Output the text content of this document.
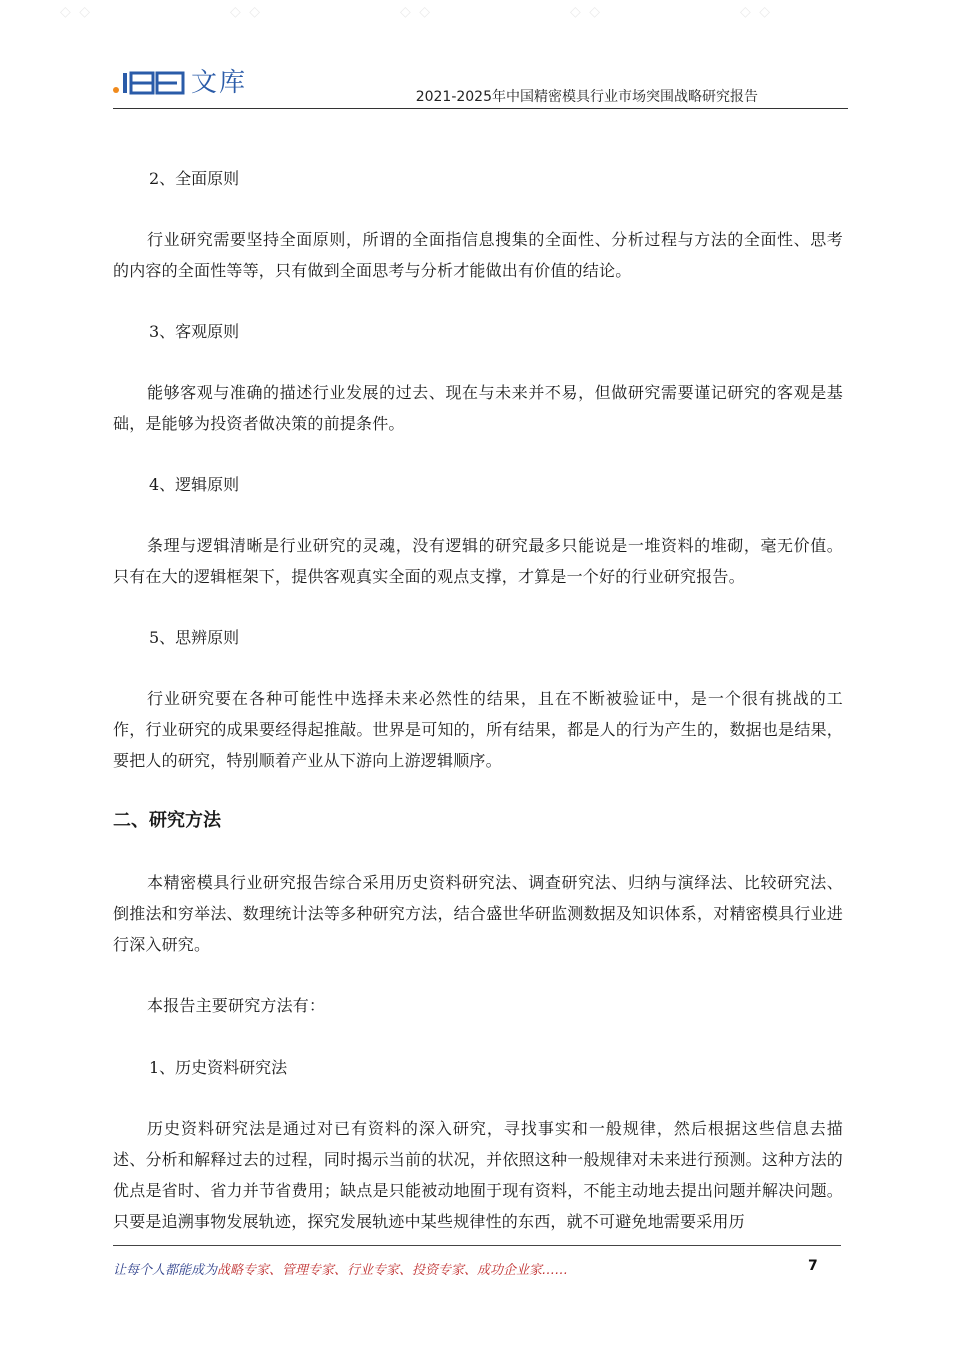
◇ ◇	◇ ◇	◇ ◇	◇ ◇	◇ ◇
文库	2021-2025年中国精密模具行业市场突围战略研究报告
2、全面原则
行业研究需要坚持全面原则，所谓的全面指信息搜集的全面性、分析过程与方法的全面性、思考的内容的全面性等等，只有做到全面思考与分析才能做出有价值的结论。
3、客观原则
能够客观与准确的描述行业发展的过去、现在与未来并不易，但做研究需要谨记研究的客观是基础，是能够为投资者做决策的前提条件。
4、逻辑原则
条理与逻辑清晰是行业研究的灵魂，没有逻辑的研究最多只能说是一堆资料的堆砌，毫无价值。只有在大的逻辑框架下，提供客观真实全面的观点支撑，才算是一个好的行业研究报告。
5、思辨原则
行业研究要在各种可能性中选择未来必然性的结果，且在不断被验证中，是一个很有挑战的工作，行业研究的成果要经得起推敲。世界是可知的，所有结果，都是人的行为产生的，数据也是结果，要把人的研究，特别顺着产业从下游向上游逻辑顺序。
二、研究方法
本精密模具行业研究报告综合采用历史资料研究法、调查研究法、归纳与演绎法、比较研究法、倒推法和穷举法、数理统计法等多种研究方法，结合盛世华研监测数据及知识体系，对精密模具行业进行深入研究。
本报告主要研究方法有：
1、历史资料研究法
历史资料研究法是通过对已有资料的深入研究，寻找事实和一般规律，然后根据这些信息去描述、分析和解释过去的过程，同时揭示当前的状况，并依照这种一般规律对未来进行预测。这种方法的优点是省时、省力并节省费用；缺点是只能被动地囿于现有资料，不能主动地去提出问题并解决问题。只要是追溯事物发展轨迹，探究发展轨迹中某些规律性的东西，就不可避免地需要采用历
让每个人都能成为战略专家、管理专家、行业专家、投资专家、成功企业家……	7
